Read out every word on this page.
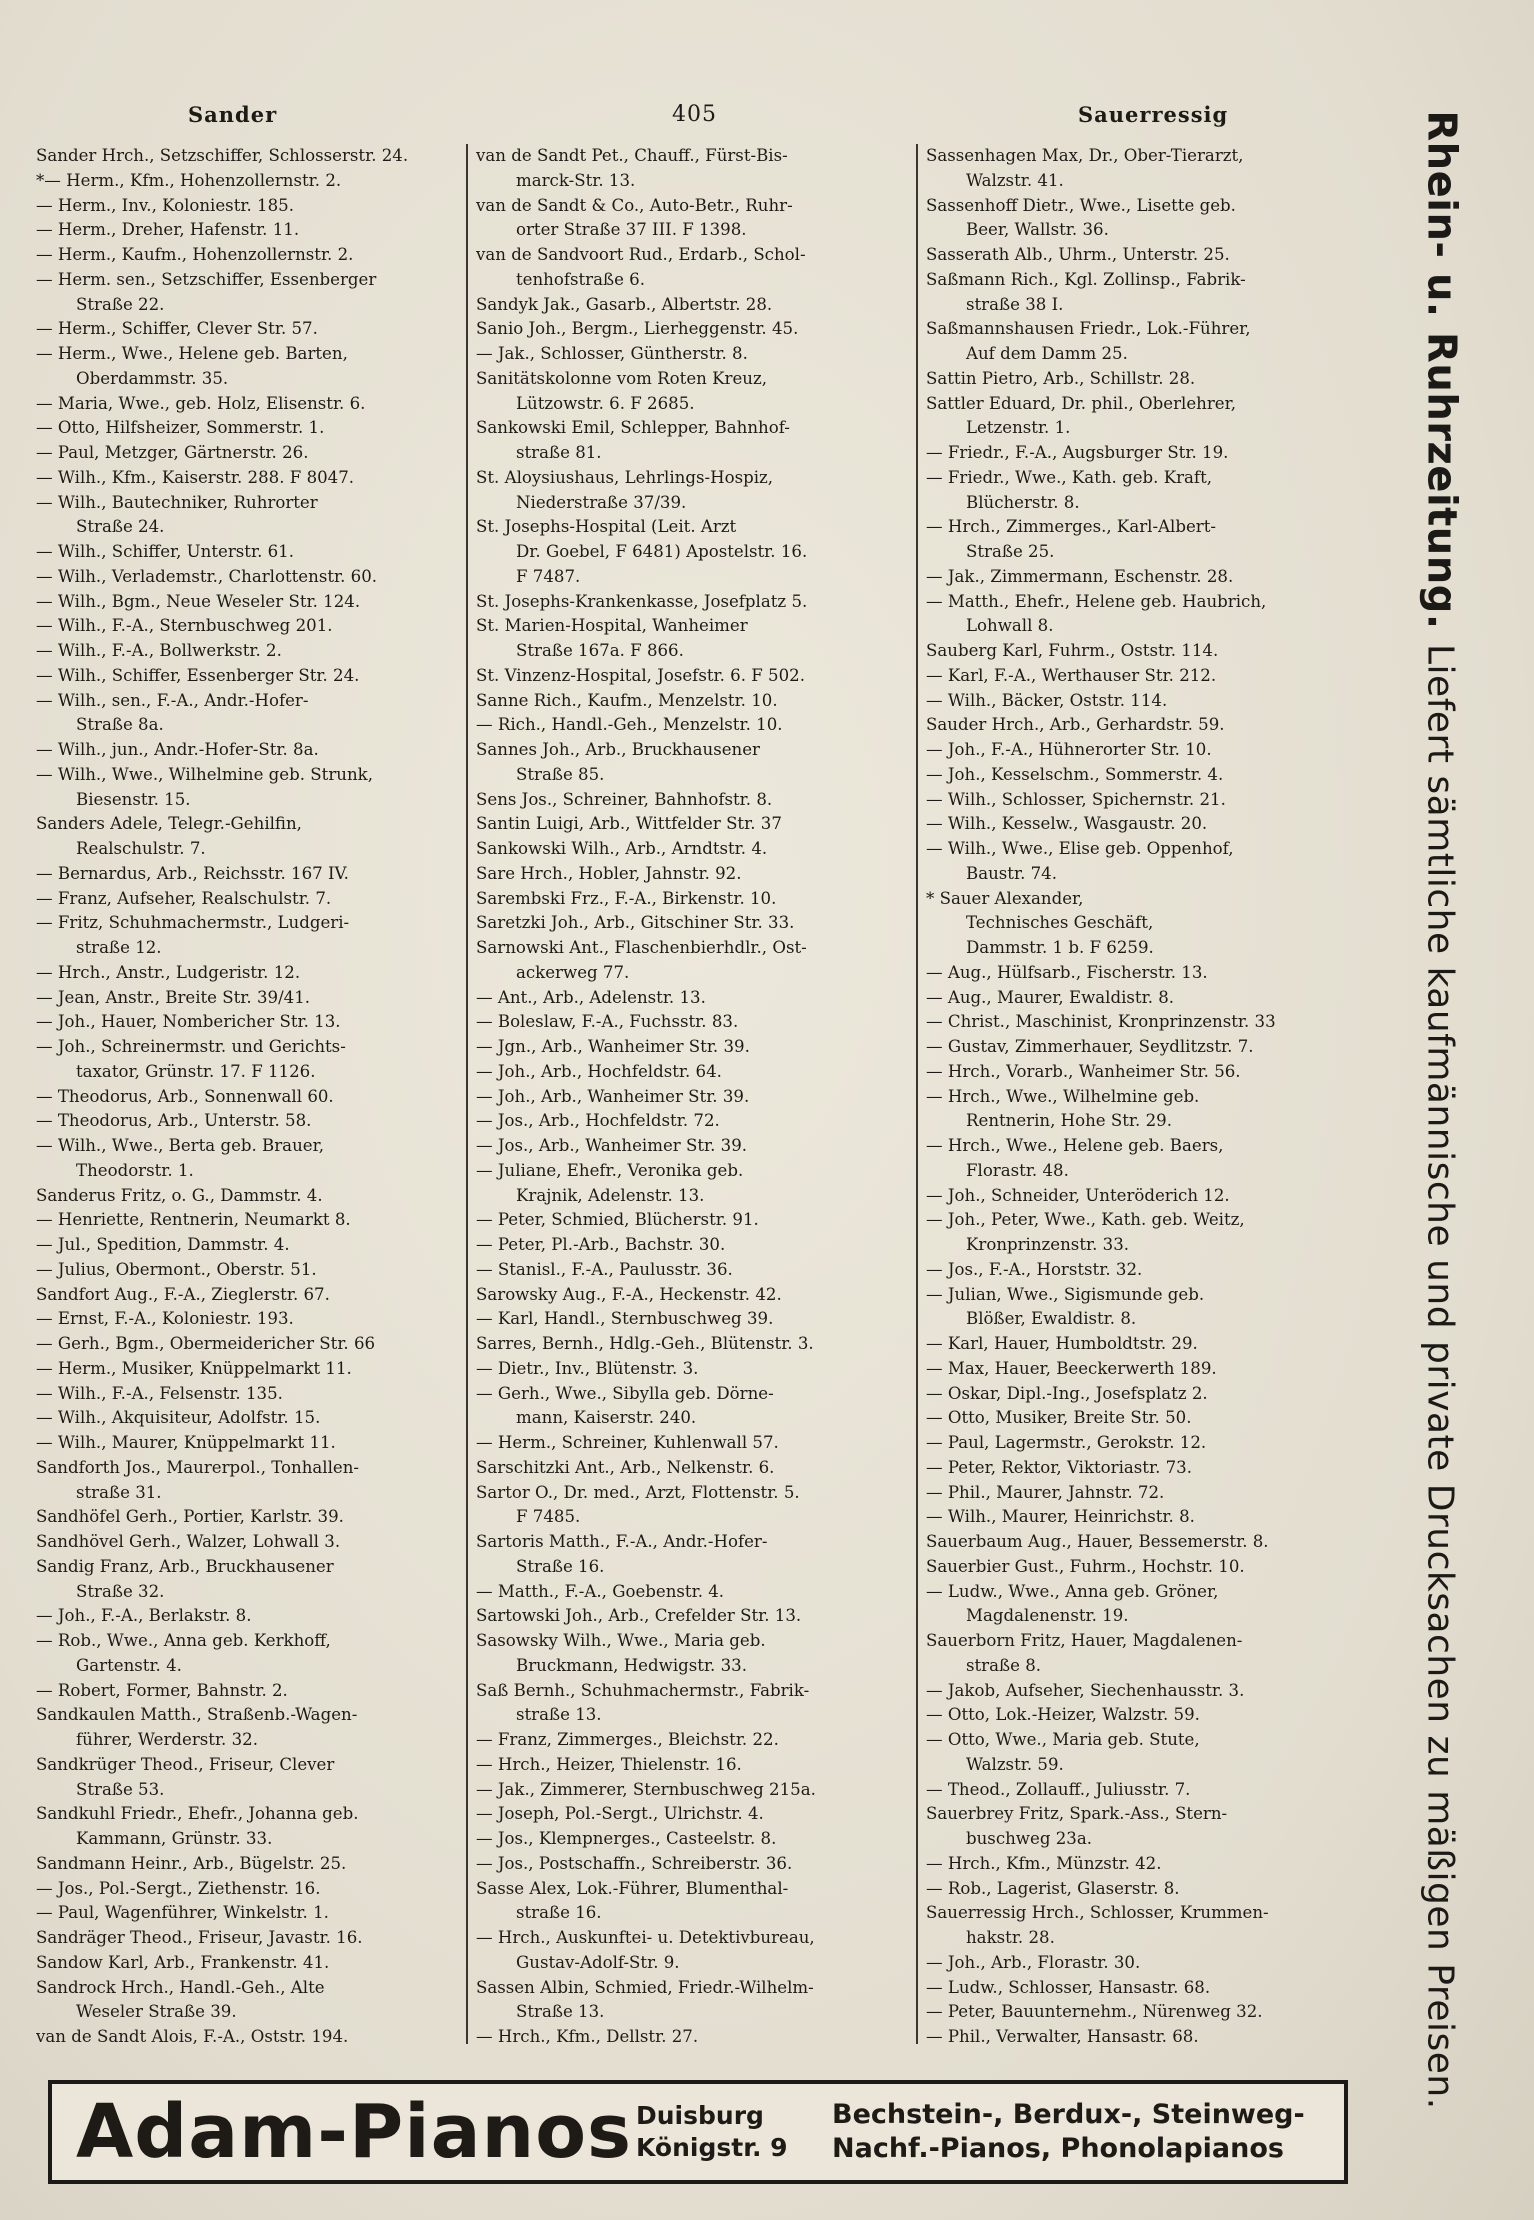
Sander	405	Sauerressig
Sander Hrch., Setzschiffer, Schlosserstr. 24.
*— Herm., Kfm., Hohenzollernstr. 2.
— Herm., Inv., Koloniestr. 185.
— Herm., Dreher, Hafenstr. 11.
— Herm., Kaufm., Hohenzollernstr. 2.
— Herm. sen., Setzschiffer, Essenberger
Straße 22.
— Herm., Schiffer, Clever Str. 57.
— Herm., Wwe., Helene geb. Barten,
Oberdammstr. 35.
— Maria, Wwe., geb. Holz, Elisenstr. 6.
— Otto, Hilfsheizer, Sommerstr. 1.
— Paul, Metzger, Gärtnerstr. 26.
— Wilh., Kfm., Kaiserstr. 288. F 8047.
— Wilh., Bautechniker, Ruhrorter
Straße 24.
— Wilh., Schiffer, Unterstr. 61.
— Wilh., Verlademstr., Charlottenstr. 60.
— Wilh., Bgm., Neue Weseler Str. 124.
— Wilh., F.-A., Sternbuschweg 201.
— Wilh., F.-A., Bollwerkstr. 2.
— Wilh., Schiffer, Essenberger Str. 24.
— Wilh., sen., F.-A., Andr.-Hofer-
Straße 8a.
— Wilh., jun., Andr.-Hofer-Str. 8a.
— Wilh., Wwe., Wilhelmine geb. Strunk,
Biesenstr. 15.
Sanders Adele, Telegr.-Gehilfin,
Realschulstr. 7.
— Bernardus, Arb., Reichsstr. 167 IV.
— Franz, Aufseher, Realschulstr. 7.
— Fritz, Schuhmachermstr., Ludgeri-
straße 12.
— Hrch., Anstr., Ludgeristr. 12.
— Jean, Anstr., Breite Str. 39/41.
— Joh., Hauer, Nombericher Str. 13.
— Joh., Schreinermstr. und Gerichts-
taxator, Grünstr. 17. F 1126.
— Theodorus, Arb., Sonnenwall 60.
— Theodorus, Arb., Unterstr. 58.
— Wilh., Wwe., Berta geb. Brauer,
Theodorstr. 1.
Sanderus Fritz, o. G., Dammstr. 4.
— Henriette, Rentnerin, Neumarkt 8.
— Jul., Spedition, Dammstr. 4.
— Julius, Obermont., Oberstr. 51.
Sandfort Aug., F.-A., Zieglerstr. 67.
— Ernst, F.-A., Koloniestr. 193.
— Gerh., Bgm., Obermeidericher Str. 66
— Herm., Musiker, Knüppelmarkt 11.
— Wilh., F.-A., Felsenstr. 135.
— Wilh., Akquisiteur, Adolfstr. 15.
— Wilh., Maurer, Knüppelmarkt 11.
Sandforth Jos., Maurerpol., Tonhallen-
straße 31.
Sandhöfel Gerh., Portier, Karlstr. 39.
Sandhövel Gerh., Walzer, Lohwall 3.
Sandig Franz, Arb., Bruckhausener
Straße 32.
— Joh., F.-A., Berlakstr. 8.
— Rob., Wwe., Anna geb. Kerkhoff,
Gartenstr. 4.
— Robert, Former, Bahnstr. 2.
Sandkaulen Matth., Straßenb.-Wagen-
führer, Werderstr. 32.
Sandkrüger Theod., Friseur, Clever
Straße 53.
Sandkuhl Friedr., Ehefr., Johanna geb.
Kammann, Grünstr. 33.
Sandmann Heinr., Arb., Bügelstr. 25.
— Jos., Pol.-Sergt., Ziethenstr. 16.
— Paul, Wagenführer, Winkelstr. 1.
Sandräger Theod., Friseur, Javastr. 16.
Sandow Karl, Arb., Frankenstr. 41.
Sandrock Hrch., Handl.-Geh., Alte
Weseler Straße 39.
van de Sandt Alois, F.-A., Oststr. 194.
van de Sandt Pet., Chauff., Fürst-Bis-
marck-Str. 13.
van de Sandt & Co., Auto-Betr., Ruhr-
orter Straße 37 III. F 1398.
van de Sandvoort Rud., Erdarb., Schol-
tenhofstraße 6.
Sandyk Jak., Gasarb., Albertstr. 28.
Sanio Joh., Bergm., Lierheggenstr. 45.
— Jak., Schlosser, Güntherstr. 8.
Sanitätskolonne vom Roten Kreuz,
Lützowstr. 6. F 2685.
Sankowski Emil, Schlepper, Bahnhof-
straße 81.
St. Aloysiushaus, Lehrlings-Hospiz,
Niederstraße 37/39.
St. Josephs-Hospital (Leit. Arzt
Dr. Goebel, F 6481) Apostelstr. 16.
F 7487.
St. Josephs-Krankenkasse, Josefplatz 5.
St. Marien-Hospital, Wanheimer
Straße 167a. F 866.
St. Vinzenz-Hospital, Josefstr. 6. F 502.
Sanne Rich., Kaufm., Menzelstr. 10.
— Rich., Handl.-Geh., Menzelstr. 10.
Sannes Joh., Arb., Bruckhausener
Straße 85.
Sens Jos., Schreiner, Bahnhofstr. 8.
Santin Luigi, Arb., Wittfelder Str. 37
Sankowski Wilh., Arb., Arndtstr. 4.
Sare Hrch., Hobler, Jahnstr. 92.
Sarembski Frz., F.-A., Birkenstr. 10.
Saretzki Joh., Arb., Gitschiner Str. 33.
Sarnowski Ant., Flaschenbierhdlr., Ost-
ackerweg 77.
— Ant., Arb., Adelenstr. 13.
— Boleslaw, F.-A., Fuchsstr. 83.
— Jgn., Arb., Wanheimer Str. 39.
— Joh., Arb., Hochfeldstr. 64.
— Joh., Arb., Wanheimer Str. 39.
— Jos., Arb., Hochfeldstr. 72.
— Jos., Arb., Wanheimer Str. 39.
— Juliane, Ehefr., Veronika geb.
Krajnik, Adelenstr. 13.
— Peter, Schmied, Blücherstr. 91.
— Peter, Pl.-Arb., Bachstr. 30.
— Stanisl., F.-A., Paulusstr. 36.
Sarowsky Aug., F.-A., Heckenstr. 42.
— Karl, Handl., Sternbuschweg 39.
Sarres, Bernh., Hdlg.-Geh., Blütenstr. 3.
— Dietr., Inv., Blütenstr. 3.
— Gerh., Wwe., Sibylla geb. Dörne-
mann, Kaiserstr. 240.
— Herm., Schreiner, Kuhlenwall 57.
Sarschitzki Ant., Arb., Nelkenstr. 6.
Sartor O., Dr. med., Arzt, Flottenstr. 5.
F 7485.
Sartoris Matth., F.-A., Andr.-Hofer-
Straße 16.
— Matth., F.-A., Goebenstr. 4.
Sartowski Joh., Arb., Crefelder Str. 13.
Sasowsky Wilh., Wwe., Maria geb.
Bruckmann, Hedwigstr. 33.
Saß Bernh., Schuhmachermstr., Fabrik-
straße 13.
— Franz, Zimmerges., Bleichstr. 22.
— Hrch., Heizer, Thielenstr. 16.
— Jak., Zimmerer, Sternbuschweg 215a.
— Joseph, Pol.-Sergt., Ulrichstr. 4.
— Jos., Klempnerges., Casteelstr. 8.
— Jos., Postschaffn., Schreiberstr. 36.
Sasse Alex, Lok.-Führer, Blumenthal-
straße 16.
— Hrch., Auskunftei- u. Detektivbureau,
Gustav-Adolf-Str. 9.
Sassen Albin, Schmied, Friedr.-Wilhelm-
Straße 13.
— Hrch., Kfm., Dellstr. 27.
Sassenhagen Max, Dr., Ober-Tierarzt,
Walzstr. 41.
Sassenhoff Dietr., Wwe., Lisette geb.
Beer, Wallstr. 36.
Sasserath Alb., Uhrm., Unterstr. 25.
Saßmann Rich., Kgl. Zollinsp., Fabrik-
straße 38 I.
Saßmannshausen Friedr., Lok.-Führer,
Auf dem Damm 25.
Sattin Pietro, Arb., Schillstr. 28.
Sattler Eduard, Dr. phil., Oberlehrer,
Letzenstr. 1.
— Friedr., F.-A., Augsburger Str. 19.
— Friedr., Wwe., Kath. geb. Kraft,
Blücherstr. 8.
— Hrch., Zimmerges., Karl-Albert-
Straße 25.
— Jak., Zimmermann, Eschenstr. 28.
— Matth., Ehefr., Helene geb. Haubrich,
Lohwall 8.
Sauberg Karl, Fuhrm., Oststr. 114.
— Karl, F.-A., Werthauser Str. 212.
— Wilh., Bäcker, Oststr. 114.
Sauder Hrch., Arb., Gerhardstr. 59.
— Joh., F.-A., Hühnerorter Str. 10.
— Joh., Kesselschm., Sommerstr. 4.
— Wilh., Schlosser, Spichernstr. 21.
— Wilh., Kesselw., Wasgaustr. 20.
— Wilh., Wwe., Elise geb. Oppenhof,
Baustr. 74.
* Sauer Alexander,
Technisches Geschäft,
Dammstr. 1 b. F 6259.
— Aug., Hülfsarb., Fischerstr. 13.
— Aug., Maurer, Ewaldistr. 8.
— Christ., Maschinist, Kronprinzenstr. 33
— Gustav, Zimmerhauer, Seydlitzstr. 7.
— Hrch., Vorarb., Wanheimer Str. 56.
— Hrch., Wwe., Wilhelmine geb.
Rentnerin, Hohe Str. 29.
— Hrch., Wwe., Helene geb. Baers,
Florastr. 48.
— Joh., Schneider, Unteröderich 12.
— Joh., Peter, Wwe., Kath. geb. Weitz,
Kronprinzenstr. 33.
— Jos., F.-A., Horststr. 32.
— Julian, Wwe., Sigismunde geb.
Blößer, Ewaldistr. 8.
— Karl, Hauer, Humboldtstr. 29.
— Max, Hauer, Beeckerwerth 189.
— Oskar, Dipl.-Ing., Josefsplatz 2.
— Otto, Musiker, Breite Str. 50.
— Paul, Lagermstr., Gerokstr. 12.
— Peter, Rektor, Viktoriastr. 73.
— Phil., Maurer, Jahnstr. 72.
— Wilh., Maurer, Heinrichstr. 8.
Sauerbaum Aug., Hauer, Bessemerstr. 8.
Sauerbier Gust., Fuhrm., Hochstr. 10.
— Ludw., Wwe., Anna geb. Gröner,
Magdalenenstr. 19.
Sauerborn Fritz, Hauer, Magdalenen-
straße 8.
— Jakob, Aufseher, Siechenhausstr. 3.
— Otto, Lok.-Heizer, Walzstr. 59.
— Otto, Wwe., Maria geb. Stute,
Walzstr. 59.
— Theod., Zollauff., Juliusstr. 7.
Sauerbrey Fritz, Spark.-Ass., Stern-
buschweg 23a.
— Hrch., Kfm., Münzstr. 42.
— Rob., Lagerist, Glaserstr. 8.
Sauerressig Hrch., Schlosser, Krummen-
hakstr. 28.
— Joh., Arb., Florastr. 30.
— Ludw., Schlosser, Hansastr. 68.
— Peter, Bauunternehm., Nürenweg 32.
— Phil., Verwalter, Hansastr. 68.
Rhein- u. Ruhrzeitung. Liefert sämtliche kaufmännische und private Drucksachen zu mäßigen Preisen.
Adam-Pianos Duisburg
Königstr. 9
Bechstein-, Berdux-, Steinweg-
Nachf.-Pianos, Phonolapianos
